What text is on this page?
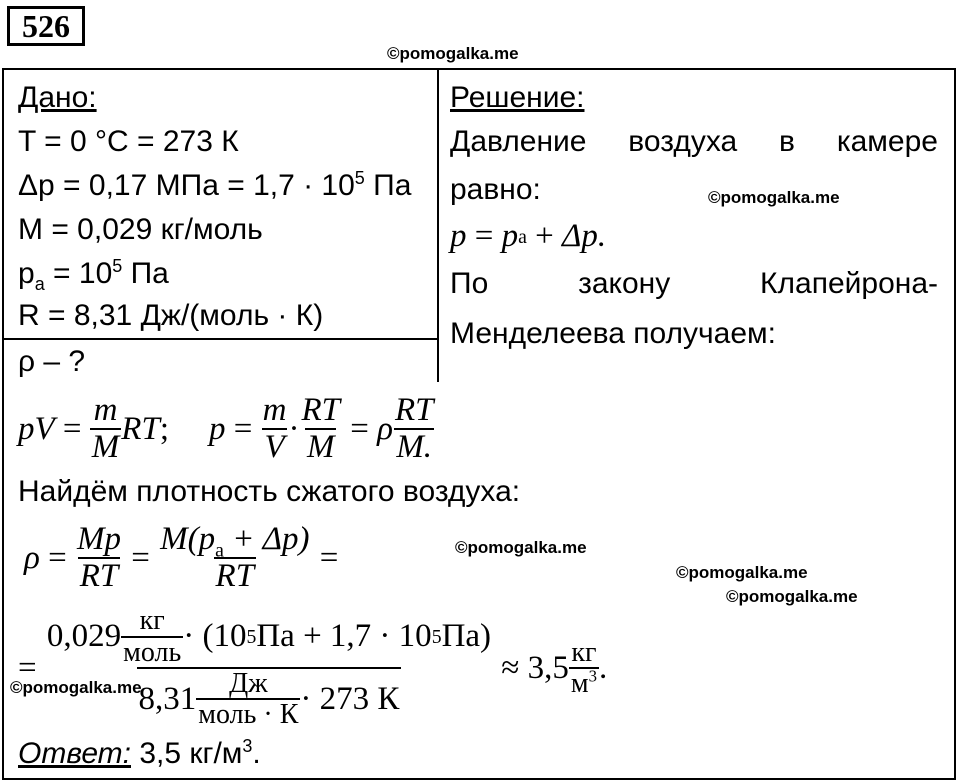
526
©pomogalka.me
Дано:
T = 0 °C = 273 К
Δp = 0,17 МПа = $1,7 \cdot 10^5$ Па
M = 0,029 кг/моль
$p_a = 10^5$ Па
R = 8,31 Дж/(моль · К)
ρ – ?
Решение:
Давление воздуха в камере
равно:	©pomogalka.me
p
=
p a
+
Δp.
По	закону	Клапейрона-
Менделеева получаем:
pV
=
$\frac{m}{M}$ RT ; p
=
$\frac{m}{V} \cdot \frac{RT}{M}$
=
ρ $\frac{RT}{M.}$
Найдём плотность сжатого воздуха:
ρ
=
$\frac{Mp}{RT}$
=
$\frac{M(p_a + \Delta p)}{RT}$
=	©pomogalka.me
©pomogalka.me
©pomogalka.me
=
$\frac{0,029 \frac{кг}{\text{моль}} \cdot (10 5 Па + 1,7 \cdot 10 5 Па)}{8,31 \frac{Дж}{\text{моль · К}} \cdot 273 К}$
≈ $3,5 \frac{кг}{м^3}$ .
©pomogalka.me
Ответ: 3,5 $кг/м^3$.
